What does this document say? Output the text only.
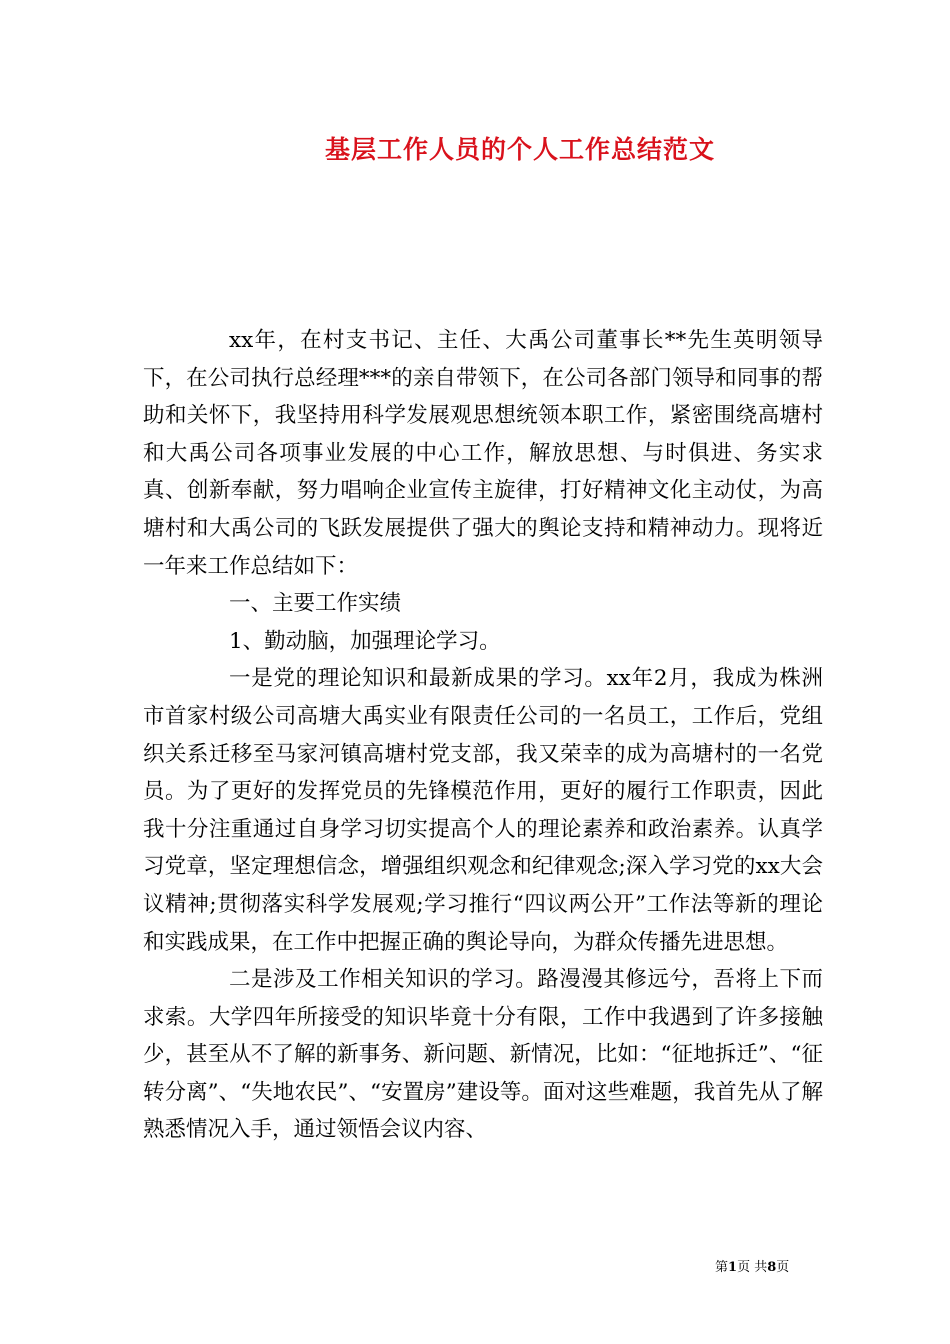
基层工作人员的个人工作总结范文

xx年，在村支书记、主任、大禹公司董事长**先生英明领导下，在公司执行总经理***的亲自带领下，在公司各部门领导和同事的帮助和关怀下，我坚持用科学发展观思想统领本职工作，紧密围绕高塘村和大禹公司各项事业发展的中心工作，解放思想、与时俱进、务实求真、创新奉献，努力唱响企业宣传主旋律，打好精神文化主动仗，为高塘村和大禹公司的飞跃发展提供了强大的舆论支持和精神动力。现将近一年来工作总结如下：

一、主要工作实绩

1、勤动脑，加强理论学习。

一是党的理论知识和最新成果的学习。xx年2月，我成为株洲市首家村级公司高塘大禹实业有限责任公司的一名员工，工作后，党组织关系迁移至马家河镇高塘村党支部，我又荣幸的成为高塘村的一名党员。为了更好的发挥党员的先锋模范作用，更好的履行工作职责，因此我十分注重通过自身学习切实提高个人的理论素养和政治素养。认真学习党章，坚定理想信念，增强组织观念和纪律观念;深入学习党的xx大会议精神;贯彻落实科学发展观;学习推行“四议两公开”工作法等新的理论和实践成果，在工作中把握正确的舆论导向，为群众传播先进思想。

二是涉及工作相关知识的学习。路漫漫其修远兮，吾将上下而求索。大学四年所接受的知识毕竟十分有限，工作中我遇到了许多接触少，甚至从不了解的新事务、新问题、新情况，比如：“征地拆迁”、“征转分离”、“失地农民”、“安置房”建设等。面对这些难题，我首先从了解熟悉情况入手，通过领悟会议内容、

第1页 共8页
